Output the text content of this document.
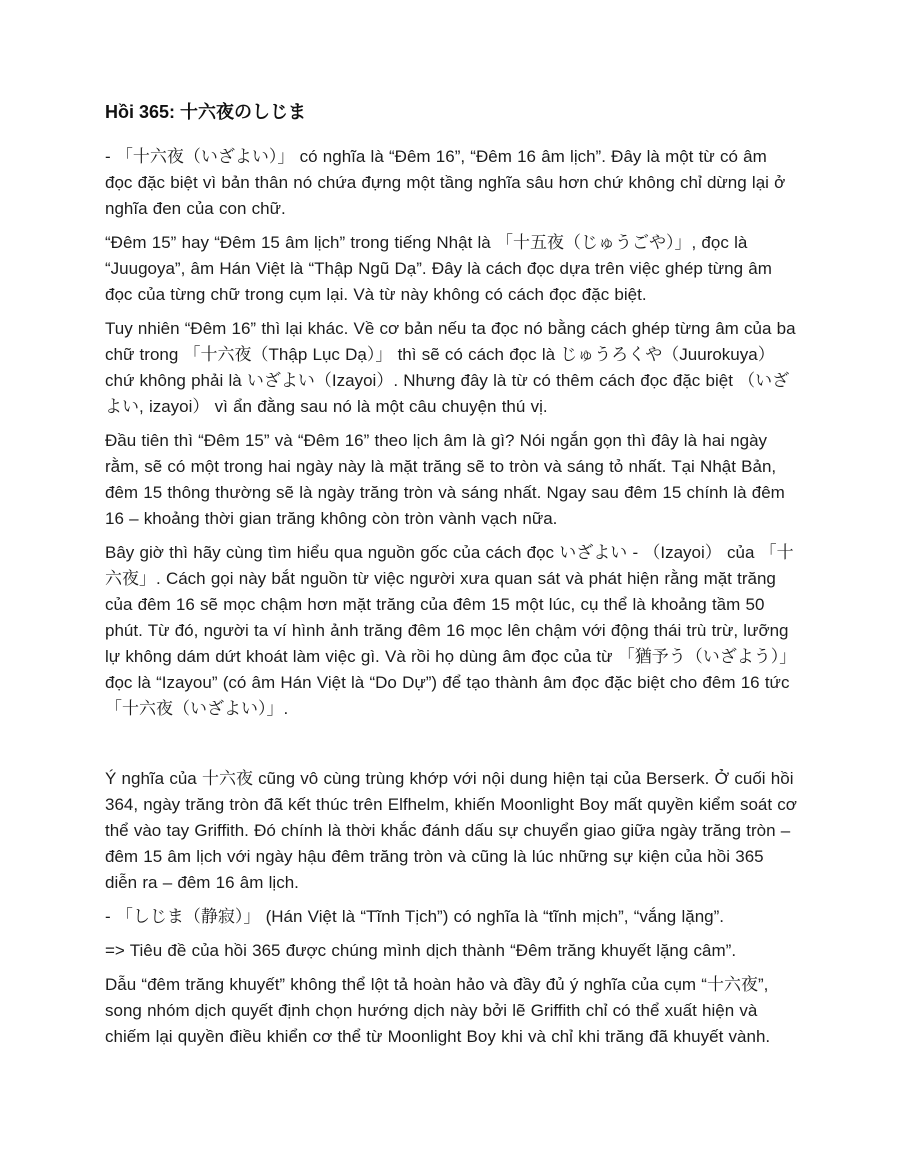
Hồi 365: 十六夜のしじま

- 「十六夜（いざよい）」 có nghĩa là “Đêm 16”, “Đêm 16 âm lịch”. Đây là một từ có âm đọc đặc biệt vì bản thân nó chứa đựng một tầng nghĩa sâu hơn chứ không chỉ dừng lại ở nghĩa đen của con chữ.

“Đêm 15” hay “Đêm 15 âm lịch” trong tiếng Nhật là 「十五夜（じゅうごや）」, đọc là “Juugoya”, âm Hán Việt là “Thập Ngũ Dạ”. Đây là cách đọc dựa trên việc ghép từng âm đọc của từng chữ trong cụm lại. Và từ này không có cách đọc đặc biệt.

Tuy nhiên “Đêm 16” thì lại khác. Về cơ bản nếu ta đọc nó bằng cách ghép từng âm của ba chữ trong 「十六夜（Thập Lục Dạ）」 thì sẽ có cách đọc là じゅうろくや（Juurokuya） chứ không phải là いざよい（Izayoi）. Nhưng đây là từ có thêm cách đọc đặc biệt （いざよい, izayoi） vì ẩn đằng sau nó là một câu chuyện thú vị.

Đầu tiên thì “Đêm 15” và “Đêm 16” theo lịch âm là gì? Nói ngắn gọn thì đây là hai ngày rằm, sẽ có một trong hai ngày này là mặt trăng sẽ to tròn và sáng tỏ nhất. Tại Nhật Bản, đêm 15 thông thường sẽ là ngày trăng tròn và sáng nhất. Ngay sau đêm 15 chính là đêm 16 – khoảng thời gian trăng không còn tròn vành vạch nữa.

Bây giờ thì hãy cùng tìm hiểu qua nguồn gốc của cách đọc いざよい - （Izayoi） của 「十六夜」. Cách gọi này bắt nguồn từ việc người xưa quan sát và phát hiện rằng mặt trăng của đêm 16 sẽ mọc chậm hơn mặt trăng của đêm 15 một lúc, cụ thể là khoảng tầm 50 phút. Từ đó, người ta ví hình ảnh trăng đêm 16 mọc lên chậm với động thái trù trừ, lưỡng lự không dám dứt khoát làm việc gì. Và rồi họ dùng âm đọc của từ 「猶予う（いざよう）」 đọc là “Izayou” (có âm Hán Việt là “Do Dự”) để tạo thành âm đọc đặc biệt cho đêm 16 tức 「十六夜（いざよい）」.

Ý nghĩa của 十六夜 cũng vô cùng trùng khớp với nội dung hiện tại của Berserk. Ở cuối hồi 364, ngày trăng tròn đã kết thúc trên Elfhelm, khiến Moonlight Boy mất quyền kiểm soát cơ thể vào tay Griffith. Đó chính là thời khắc đánh dấu sự chuyển giao giữa ngày trăng tròn – đêm 15 âm lịch với ngày hậu đêm trăng tròn và cũng là lúc những sự kiện của hồi 365 diễn ra – đêm 16 âm lịch.

- 「しじま（静寂）」 (Hán Việt là “Tĩnh Tịch”) có nghĩa là “tĩnh mịch”, “vắng lặng”.

=> Tiêu đề của hồi 365 được chúng mình dịch thành “Đêm trăng khuyết lặng câm”.

Dẫu “đêm trăng khuyết” không thể lột tả hoàn hảo và đầy đủ ý nghĩa của cụm “十六夜”, song nhóm dịch quyết định chọn hướng dịch này bởi lẽ Griffith chỉ có thể xuất hiện và chiếm lại quyền điều khiển cơ thể từ Moonlight Boy khi và chỉ khi trăng đã khuyết vành.
